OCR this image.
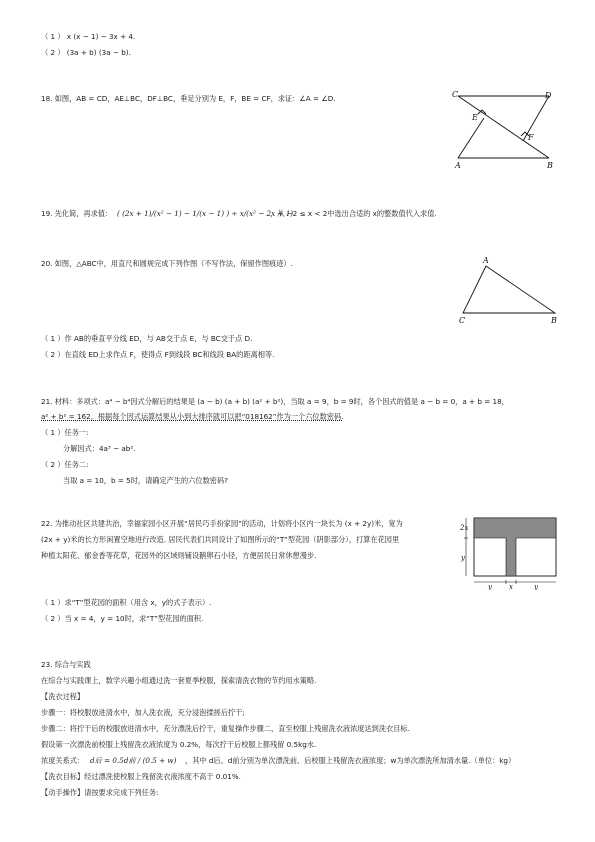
（ 1 ） x (x − 1) − 3x + 4.
（ 2 ） (3a + b) (3a − b).
18. 如图，AB = CD，AE⊥BC，DF⊥BC，垂足分别为 E，F，BE = CF，求证：∠A = ∠D.	C	D
E
F
A	B
19. 先化简，再求值： ( (2x + 1)/(x² − 1) − 1/(x − 1) ) ÷ x/(x² − 2x + 1)
，从 −2 ≤ x < 2中选出合适的 x的整数值代入求值.
20. 如图，△ABC中，用直尺和圆规完成下列作图（不写作法，保留作图痕迹）.	A
B
C
（ 1 ）作 AB的垂直平分线 ED，与 AB交于点 E，与 BC交于点 D.
（ 2 ）在直线 ED上求作点 F，使得点 F到线段 BC和线段 BA的距离相等.
21. 材料：多项式：a⁴ − b⁴因式分解后的结果是 (a − b) (a + b) (a² + b²)，当取 a = 9，b = 9时，各个因式的值是 a − b = 0，a + b = 18，
a² + b² = 162，根据每个因式运算结果从小到大排序就可以把“018162”作为一个六位数密码.
（ 1 ）任务一:
分解因式：4a³ − ab².
（ 2 ）任务二:
当取 a = 10，b = 5时，请确定产生的六位数密码?
22. 为推动社区共建共治，幸福家园小区开展“居民巧手扮家园”的活动，计划将小区内一块长为 (x + 2y)米，宽为
(2x + y)米的长方形闲置空地进行改造. 居民代表们共同设计了如图所示的“T”型花园（阴影部分），打算在花园里
种植太阳花、郁金香等花草，花园外的区域则铺设鹅卵石小径，方便居民日常休憩漫步.
2x
y
y x	y
（ 1 ）求“T”型花园的面积（用含 x，y的式子表示）.
（ 2 ）当 x = 4，y = 10时，求“T”型花园的面积.
23. 综合与实践
在综合与实践课上，数学兴趣小组通过洗一套夏季校服，探索清洗衣物的节约用水策略.
【洗衣过程】
步骤一：将校服放进清水中，加入洗衣液，充分浸泡揉搓后拧干;
步骤二：将拧干后的校服放进清水中，充分漂洗后拧干，重复操作步骤二，直至校服上残留洗衣液浓度达到洗衣目标.
假设第一次漂洗前校服上残留洗衣液浓度为 0.2%，每次拧干后校服上都残留 0.5kg水.
浓度关系式： d后 = 0.5d前 / (0.5 + w) ，其中 d后、d前分别为单次漂洗前、后校服上残留洗衣液浓度；w为单次漂洗所加清水量.（单位：kg）
【洗衣目标】经过漂洗使校服上残留洗衣液浓度不高于 0.01%.
【动手操作】请按要求完成下列任务:
